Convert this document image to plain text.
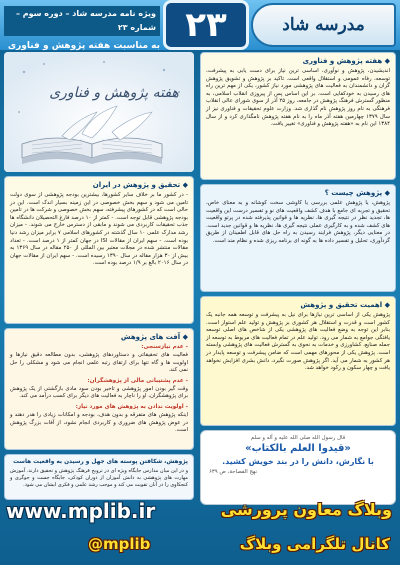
مدرسه شاد
۲۳
ویژه نامه مدرسه شاد – دوره سوم – شماره ۲۳
به مناسبت هفته پژوهش و فناوری
هفته پژوهش و فناوری
◆ هفته پژوهش و فناوری
اندیشیدن، پژوهش و نوآوری، اساسی ترین نیاز برای دست یابی به پیشرفت، توسعه، رفاه عمومی و استقلال واقعی است. تاکید بر پژوهش و تشویق پژوهش گران و دانشمندان به فعالیت های پژوهشی مورد نیاز کشور، یکی از مهم ترین راه های رسیدن به خودکفایی است. بر این اساس پس از پیروزی انقلاب اسلامی، به منظور گسترش فرهنگ پژوهش در جامعه، روز ۲۵ آذر از سوی شورای عالی انقلاب فرهنگی به نام روز پژوهش نام گذاری شد. وزارت علوم تحقیقات و فناوری نیز از سال ۱۳۷۹ چهارمین هفته آذر ماه را به نام هفته پژوهش نامگذاری کرد و از سال ۱۳۸۴ این نام به «هفته پژوهش و فناوری» تغییر یافت.
◆ پژوهش چیست ؟
پژوهش، یا پژوهش علمی بررسی یا کاوشی سخت کوشانه و به معنای خاص، تحقیق و تجربه ای جامع با هدف کشف واقعیت های نو و تفسیر درست این واقعیت ها، تجدید نظر در نتیجه گیری ها، نظریه ها و قوانین پذیرفته شده در پرتو واقعیت های کشف شده و به کارگیری عملی نتیجه گیری ها، نظریه ها و قوانین جدید است. در معنایی دیگر، پژوهش فرایند رسیدن به راه حل های قابل اطمینان از طریق گردآوری، تحلیل و تفسیر داده ها به گونه ای برنامه ریزی شده و نظام مند است.
◆ اهمیت تحقیق و پژوهش
پژوهش یکی از اساسی ترین نیازها برای نیل به پیشرفت و توسعه همه جانبه یک کشور است و قدرت و استقلال هر کشوری بر پژوهش و تولید علم استوار است. بنابر این توجه به وضع فعالیت های پژوهشی یکی از شاخص های اصلی توسعه یافتگی جوامع به شمار می رود. تولید علم در تمام فعالیت های مربوط به توسعه از جمله صنایع، کشاورزی و خدمات به نحوی به گسترش فعالیت های پژوهشی وابسته است. پژوهش یکی از محورهای مهمی است که ضامن پیشرفت و توسعه پایدار در هر کشور به شمار می آید. اگر پژوهش صورت نگیرد، دانش بشری افزایش نخواهد یافت و چهار سکون و رکود خواهد شد.
◆ تحقیق و پژوهش در ایران
- در کشور ما بر خلاف سایر کشورها، بیشترین بودجه پژوهشی از سوی دولت تامین می شود و سهم بخش خصوصی در این زمینه بسیار اندک است. این در حالی است که در کشورهای پیشرفته، سهم بخش خصوصی و شرکت ها در تامین بودجه پژوهشی قابل توجه است. - کمتر از ۱۰ درصد فارغ التحصیلان دانشگاه ها جذب تحقیقات کاربردی می شوند و مابقی از دسترس خارج می شوند. - میزان رشد مدارک علمی ۱۰ سال گذشته در کشورهای اسلامی ۷ برابر میزان رشد دنیا بوده است. - سهم ایران از مقالات ISI در جهان کمتر از ۱ درصد است. - تعداد مقالات منتشر شده در مجلات معتبر بین المللی از ۲۵۰ مقاله در سال ۱۳۶۹ به بیش از ۳۰ هزار مقاله در سال ۱۳۹۰ رسیده است. - سهم ایران از مقالات جهان در سال ۲۰۱۶ بالغ بر ۱/۹ درصد بوده است.
◆ آفت های پژوهش
- عدم نیازسنجی:
فعالیت های تحقیقاتی و دستاوردهای پژوهشی، بدون مطالعه دقیق نیازها و اولویت ها و گاه تنها برای ارتقای رتبه علمی انجام می شود و مشکلی را حل نمی کند.
- عدم پشتیبانی مالی از پژوهشگران:
وقت گیر بودن امور پژوهشی و تاخیر بودن سود مادی بازگشتی از یک پژوهش برای پژوهشگران، او را ناچار به فعالیت های دیگر برای کسب درآمد می کند.
- اولویت ندادن به پژوهش های مورد نیاز:
اینکه پژوهش های متفرقه و بدون هدف، بودجه و امکانات زیادی را هدر دهند و در عوض پژوهش های ضروری و کاربردی انجام نشود، از آفات بزرگ پژوهش است.
پژوهش، شکافتن پوسته های جهل و رسیدن به واقعیت هاست
و در این میان مدارس جایگاه ویژه ای در ترویج فرهنگ پژوهش و تحقیق دارند. آموزش مهارت های پژوهشی به دانش آموزان از دوران کودکی، جایگاه جست و جوگری و کنجکاوی را در آنان تقویت می کند و موجب رشد علمی و فکری ایشان می شود.
قال رسول الله صلی الله علیه و آله و سلم
«قیدوا العلم بالکتاب»
با نگارش، دانش را در بند خویش کشید.
نهج الفصاحة، ص ۶۳۹
www.mplib.ir	وبلاگ معاون پرورشی
کانال تلگرامی وبلاگ
@mplib
